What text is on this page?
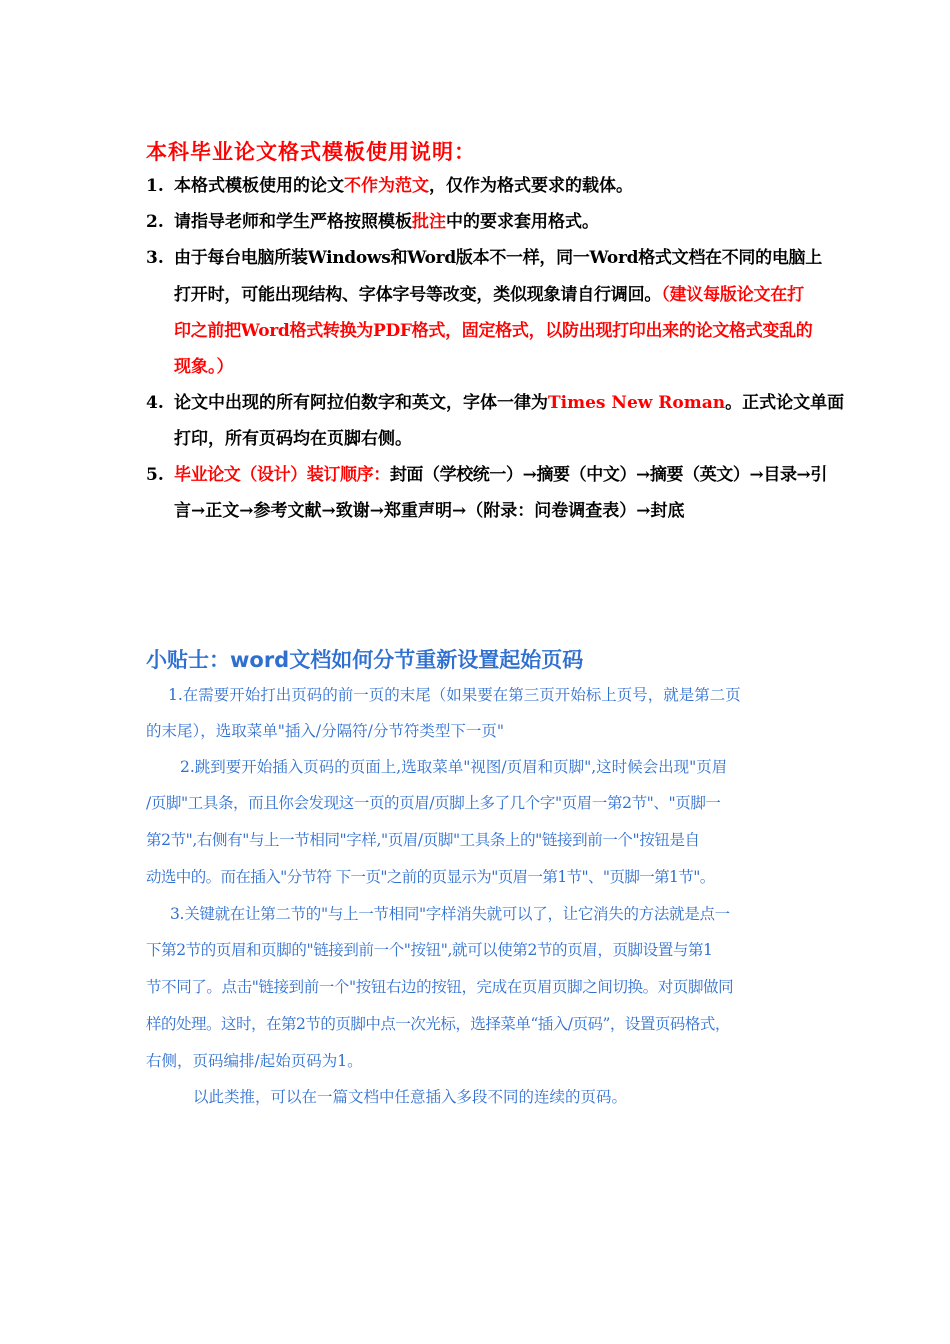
本科毕业论文格式模板使用说明：
1. 本格式模板使用的论文不作为范文，仅作为格式要求的载体。
2. 请指导老师和学生严格按照模板批注中的要求套用格式。
3. 由于每台电脑所装Windows和Word版本不一样，同一Word格式文档在不同的电脑上
打开时，可能出现结构、字体字号等改变，类似现象请自行调回。（建议每版论文在打
印之前把Word格式转换为PDF格式，固定格式，以防出现打印出来的论文格式变乱的
现象。）
4. 论文中出现的所有阿拉伯数字和英文，字体一律为Times New Roman。正式论文单面
打印，所有页码均在页脚右侧。
5. 毕业论文（设计）装订顺序：封面（学校统一）→摘要（中文）→摘要（英文）→目录→引
言→正文→参考文献→致谢→郑重声明→（附录：问卷调查表）→封底
小贴士：word文档如何分节重新设置起始页码
1.在需要开始打出页码的前一页的末尾（如果要在第三页开始标上页号，就是第二页
的末尾），选取菜单"插入/分隔符/分节符类型下一页"
2.跳到要开始插入页码的页面上,选取菜单"视图/页眉和页脚",这时候会出现"页眉
/页脚"工具条，而且你会发现这一页的页眉/页脚上多了几个字"页眉一第2节"、"页脚一
第2节",右侧有"与上一节相同"字样,"页眉/页脚"工具条上的"链接到前一个"按钮是自
动选中的。而在插入"分节符 下一页"之前的页显示为"页眉一第1节"、"页脚一第1节"。
3.关键就在让第二节的"与上一节相同"字样消失就可以了，让它消失的方法就是点一
下第2节的页眉和页脚的"链接到前一个"按钮",就可以使第2节的页眉，页脚设置与第1
节不同了。点击"链接到前一个"按钮右边的按钮，完成在页眉页脚之间切换。对页脚做同
样的处理。这时，在第2节的页脚中点一次光标，选择菜单“插入/页码”，设置页码格式，
右侧，页码编排/起始页码为1。
以此类推，可以在一篇文档中任意插入多段不同的连续的页码。
